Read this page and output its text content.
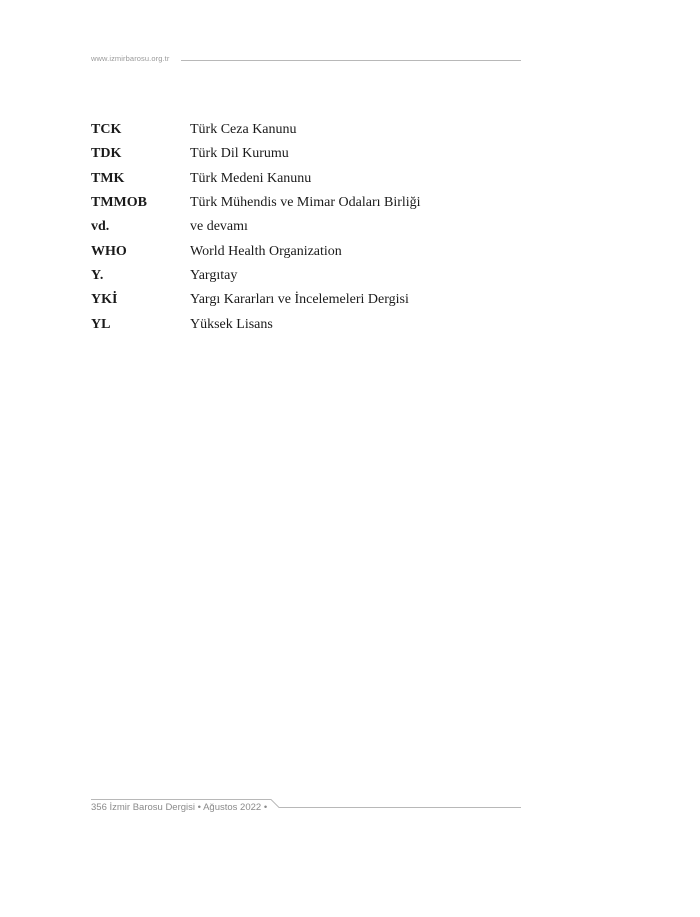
www.izmirbarosu.org.tr
TCK	Türk Ceza Kanunu
TDK	Türk Dil Kurumu
TMK	Türk Medeni Kanunu
TMMOB	Türk Mühendis ve Mimar Odaları Birliği
vd.	ve devamı
WHO	World Health Organization
Y.	Yargıtay
YKİ	Yargı Kararları ve İncelemeleri Dergisi
YL	Yüksek Lisans
356 İzmir Barosu Dergisi • Ağustos 2022 •
